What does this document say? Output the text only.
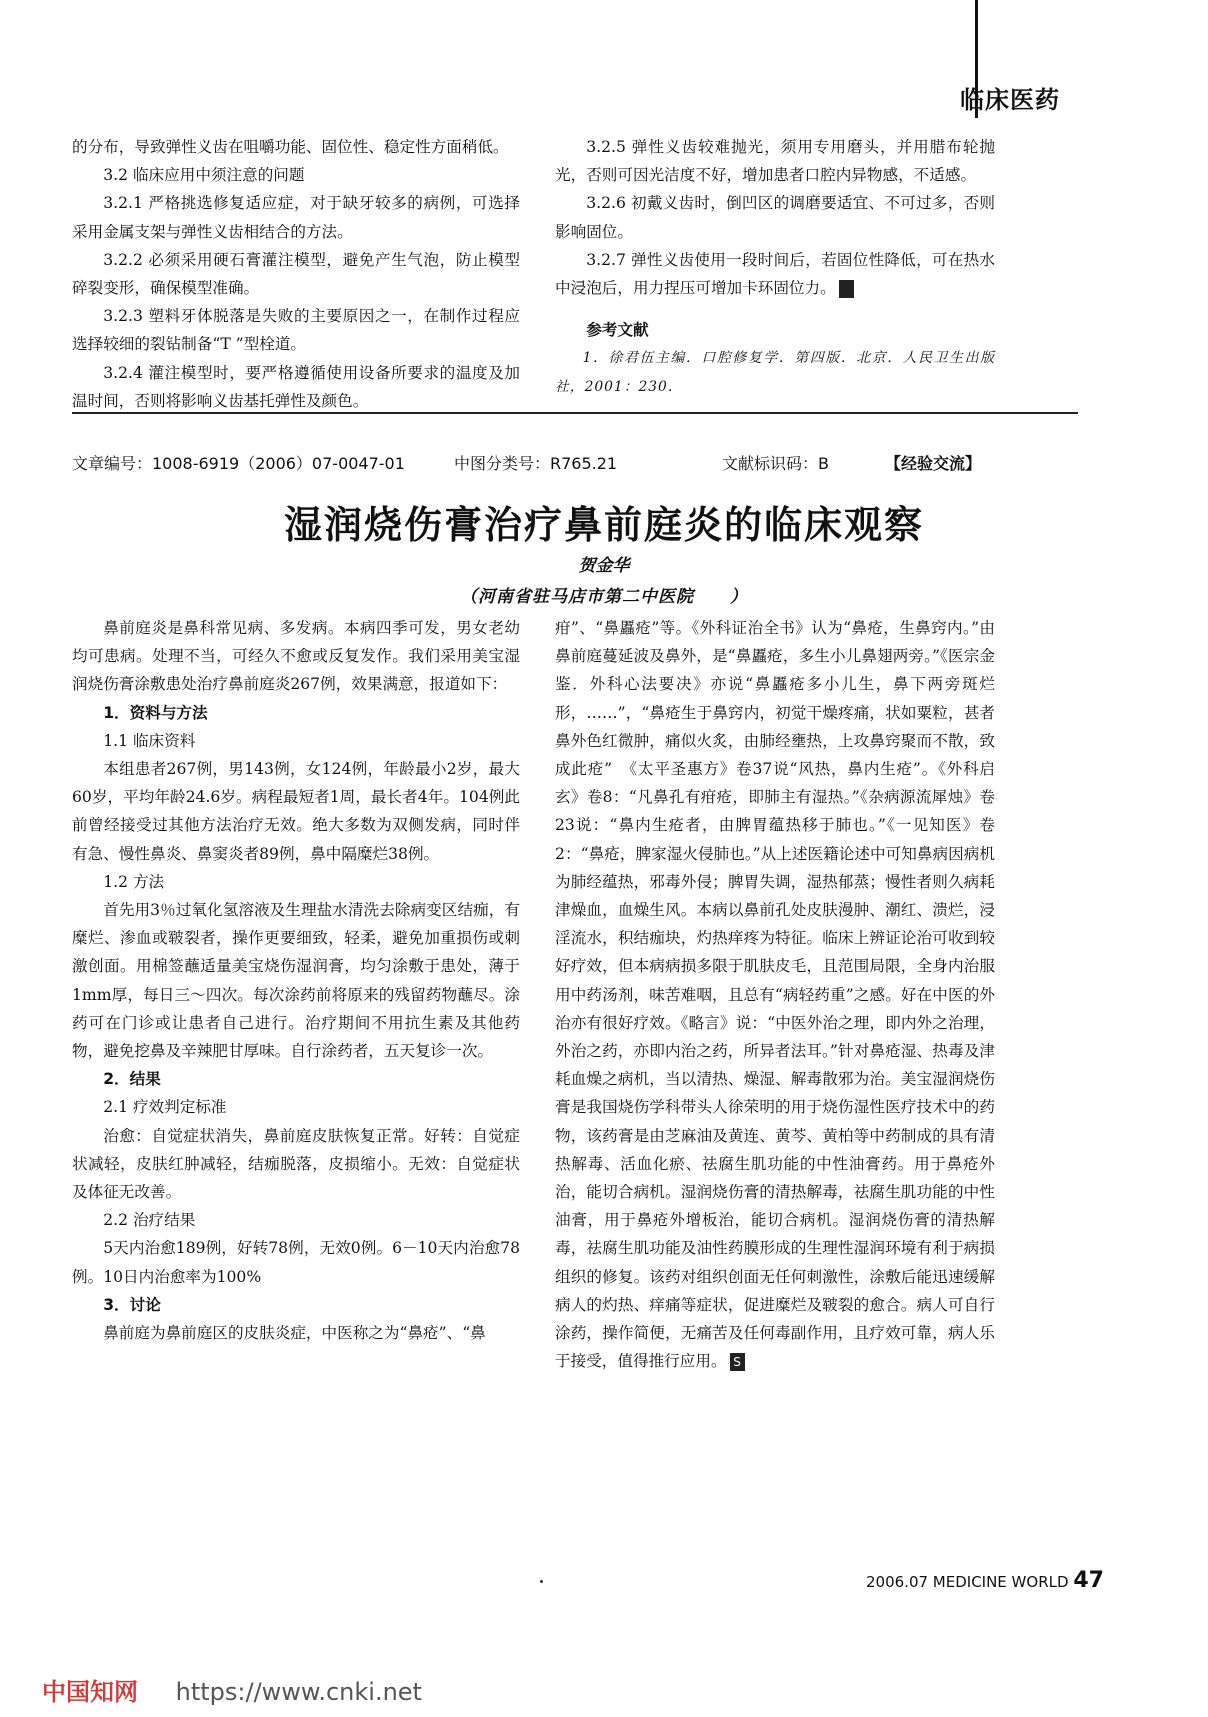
临床医药

的分布，导致弹性义齿在咀嚼功能、固位性、稳定性方面稍低。

3.2 临床应用中须注意的问题

3.2.1 严格挑选修复适应症，对于缺牙较多的病例，可选择采用金属支架与弹性义齿相结合的方法。

3.2.2 必须采用硬石膏灌注模型，避免产生气泡，防止模型碎裂变形，确保模型准确。

3.2.3 塑料牙体脱落是失败的主要原因之一，在制作过程应选择较细的裂钻制备“T ”型栓道。

3.2.4 灌注模型时，要严格遵循使用设备所要求的温度及加温时间，否则将影响义齿基托弹性及颜色。

3.2.5 弹性义齿较难抛光，须用专用磨头，并用腊布轮抛光，否则可因光洁度不好，增加患者口腔内异物感，不适感。

3.2.6 初戴义齿时，倒凹区的调磨要适宜、不可过多，否则影响固位。

3.2.7 弹性义齿使用一段时间后，若固位性降低，可在热水中浸泡后，用力捏压可增加卡环固位力。	S

参考文献

1．徐君伍主编．口腔修复学．第四版．北京．人民卫生出版社，2001：230．

文章编号：1008-6919（2006）07-0047-01	中图分类号：R765.21	文献标识码：B	【经验交流】
湿润烧伤膏治疗鼻前庭炎的临床观察
贺金华
（河南省驻马店市第二中医院　　）

鼻前庭炎是鼻科常见病、多发病。本病四季可发，男女老幼均可患病。处理不当，可经久不愈或反复发作。我们采用美宝湿润烧伤膏涂敷患处治疗鼻前庭炎267例，效果满意，报道如下：

1．资料与方法

1.1 临床资料

本组患者267例，男143例，女124例，年龄最小2岁，最大60岁，平均年龄24.6岁。病程最短者1周，最长者4年。104例此前曾经接受过其他方法治疗无效。绝大多数为双侧发病，同时伴有急、慢性鼻炎、鼻窦炎者89例，鼻中隔糜烂38例。

1.2 方法

首先用3％过氧化氢溶液及生理盐水清洗去除病变区结痂，有糜烂、渗血或皲裂者，操作更要细致，轻柔，避免加重损伤或刺激创面。用棉签蘸适量美宝烧伤湿润膏，均匀涂敷于患处，薄于1mm厚，每日三～四次。每次涂药前将原来的残留药物蘸尽。涂药可在门诊或让患者自己进行。治疗期间不用抗生素及其他药物，避免挖鼻及辛辣肥甘厚味。自行涂药者，五天复诊一次。

2．结果

2.1 疗效判定标准

治愈：自觉症状消失，鼻前庭皮肤恢复正常。好转：自觉症状减轻，皮肤红肿减轻，结痂脱落，皮损缩小。无效：自觉症状及体征无改善。

2.2 治疗结果

5天内治愈189例，好转78例，无效0例。6－10天内治愈78例。10日内治愈率为100%

3．讨论

鼻前庭为鼻前庭区的皮肤炎症，中医称之为“鼻疮”、“鼻

疳”、“鼻䘌疮”等。《外科证治全书》认为“鼻疮，生鼻窍内。”由鼻前庭蔓延波及鼻外，是“鼻䘌疮，多生小儿鼻翅两旁。”《医宗金鉴．外科心法要决》亦说“鼻䘌疮多小儿生，鼻下两旁斑烂形，……”，“鼻疮生于鼻窍内，初觉干燥疼痛，状如粟粒，甚者鼻外色红微肿，痛似火炙，由肺经壅热，上攻鼻窍聚而不散，致成此疮”　《太平圣惠方》卷37说“风热，鼻内生疮”。《外科启玄》卷8：“凡鼻孔有疳疮，即肺主有湿热。”《杂病源流犀烛》卷23说：“鼻内生疮者，由脾胃蕴热移于肺也。”《一见知医》卷2：“鼻疮，脾家湿火侵肺也。”从上述医籍论述中可知鼻病因病机为肺经蕴热，邪毒外侵；脾胃失调，湿热郁蒸；慢性者则久病耗津燥血，血燥生风。本病以鼻前孔处皮肤漫肿、潮红、溃烂，浸淫流水，积结痂块，灼热痒疼为特征。临床上辨证论治可收到较好疗效，但本病病损多限于肌肤皮毛，且范围局限，全身内治服用中药汤剂，味苦难咽，且总有“病轻药重”之感。好在中医的外治亦有很好疗效。《略言》说：“中医外治之理，即内外之治理，外治之药，亦即内治之药，所异者法耳。”针对鼻疮湿、热毒及津耗血燥之病机，当以清热、燥湿、解毒散邪为治。美宝湿润烧伤膏是我国烧伤学科带头人徐荣明的用于烧伤湿性医疗技术中的药物，该药膏是由芝麻油及黄连、黄芩、黄柏等中药制成的具有清热解毒、活血化瘀、祛腐生肌功能的中性油膏药。用于鼻疮外治，能切合病机。湿润烧伤膏的清热解毒，祛腐生肌功能的中性油膏，用于鼻疮外增板治，能切合病机。湿润烧伤膏的清热解毒，祛腐生肌功能及油性药膜形成的生理性湿润环境有利于病损组织的修复。该药对组织创面无任何刺激性，涂敷后能迅速缓解病人的灼热、痒痛等症状，促进糜烂及皲裂的愈合。病人可自行涂药，操作简便，无痛苦及任何毒副作用，且疗效可靠，病人乐于接受，值得推行应用。 S

2006.07 MEDICINE WORLD 47
中国知网 https://www.cnki.net
